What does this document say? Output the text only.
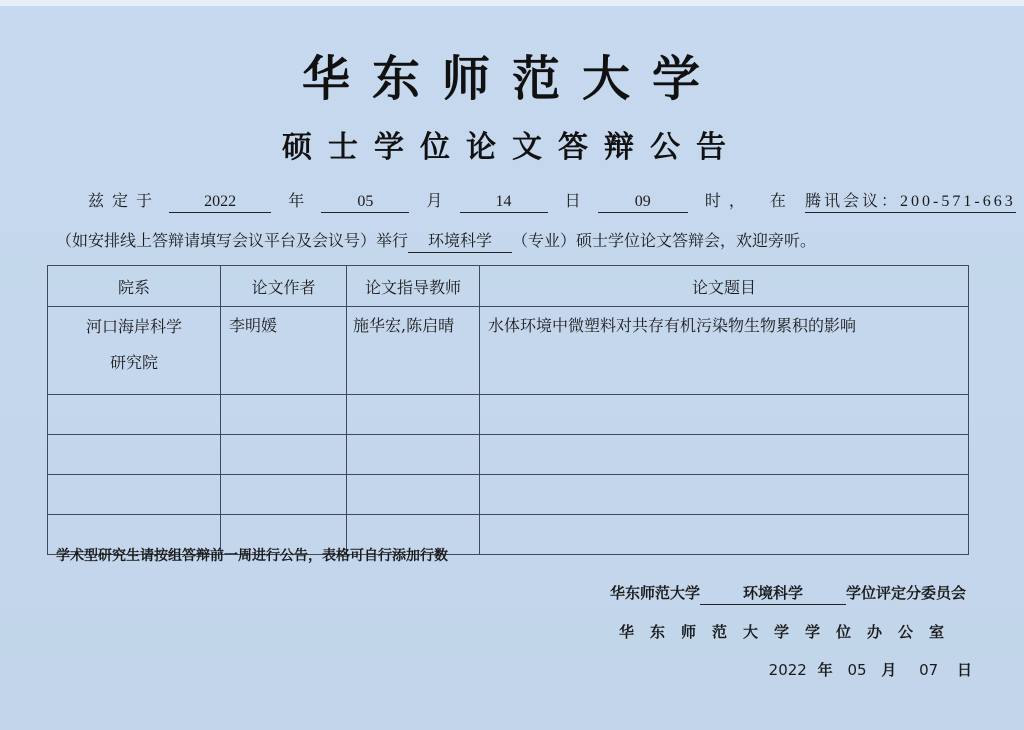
华东师范大学
硕士学位论文答辩公告
兹定于	2022	年	05	月	14	日	09	时， 在 腾讯会议：200-571-663
（如安排线上答辩请填写会议平台及会议号）举行 环境科学 （专业）硕士学位论文答辩会，欢迎旁听。
院系	论文作者	论文指导教师	论文题目

河口海岸科学
研究院	李明媛	施华宏,陈启晴	水体环境中微塑料对共存有机污染物生物累积的影响

学术型研究生请按组答辩前一周进行公告，表格可自行添加行数
华东师范大学	环境科学	学位评定分委员会
华东师范大学学位办公室
2022 年 05 月 07 日
